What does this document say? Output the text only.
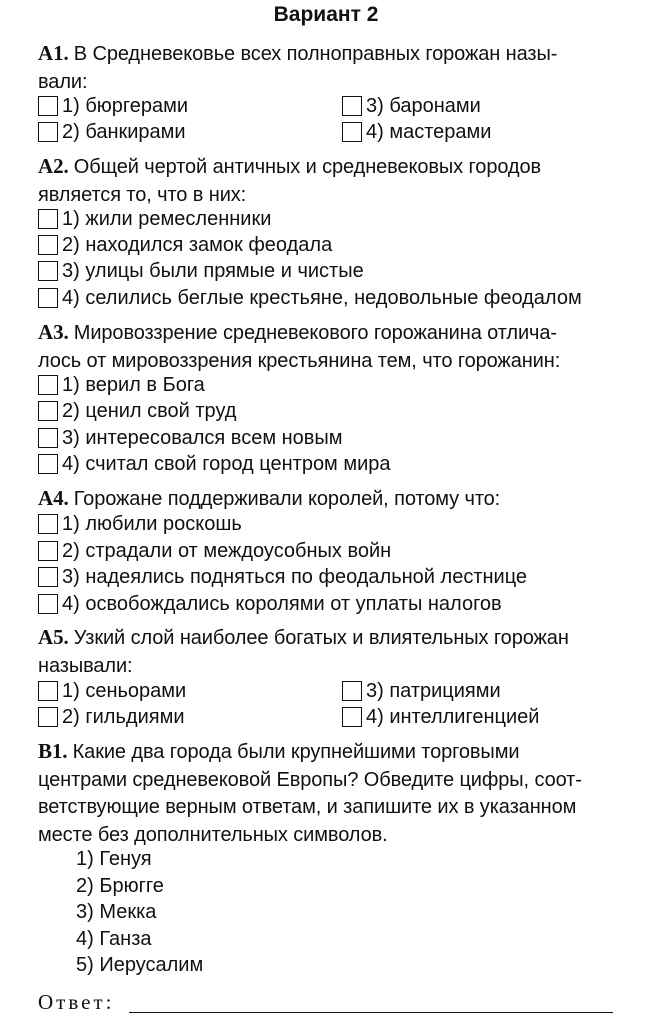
Вариант 2
A1. В Средневековье всех полноправных горожан назы-
вали:
1) бюргерами
2) банкирами
3) баронами
4) мастерами
A2. Общей чертой античных и средневековых городов
является то, что в них:
1) жили ремесленники
2) находился замок феодала
3) улицы были прямые и чистые
4) селились беглые крестьяне, недовольные феодалом
A3. Мировоззрение средневекового горожанина отлича-
лось от мировоззрения крестьянина тем, что горожанин:
1) верил в Бога
2) ценил свой труд
3) интересовался всем новым
4) считал свой город центром мира
A4. Горожане поддерживали королей, потому что:
1) любили роскошь
2) страдали от междоусобных войн
3) надеялись подняться по феодальной лестнице
4) освобождались королями от уплаты налогов
A5. Узкий слой наиболее богатых и влиятельных горожан
называли:
1) сеньорами
2) гильдиями
3) патрициями
4) интеллигенцией
B1. Какие два города были крупнейшими торговыми
центрами средневековой Европы? Обведите цифры, соот-
ветствующие верным ответам, и запишите их в указанном
месте без дополнительных символов.
1) Генуя
2) Брюгге
3) Мекка
4) Ганза
5) Иерусалим
Ответ:
